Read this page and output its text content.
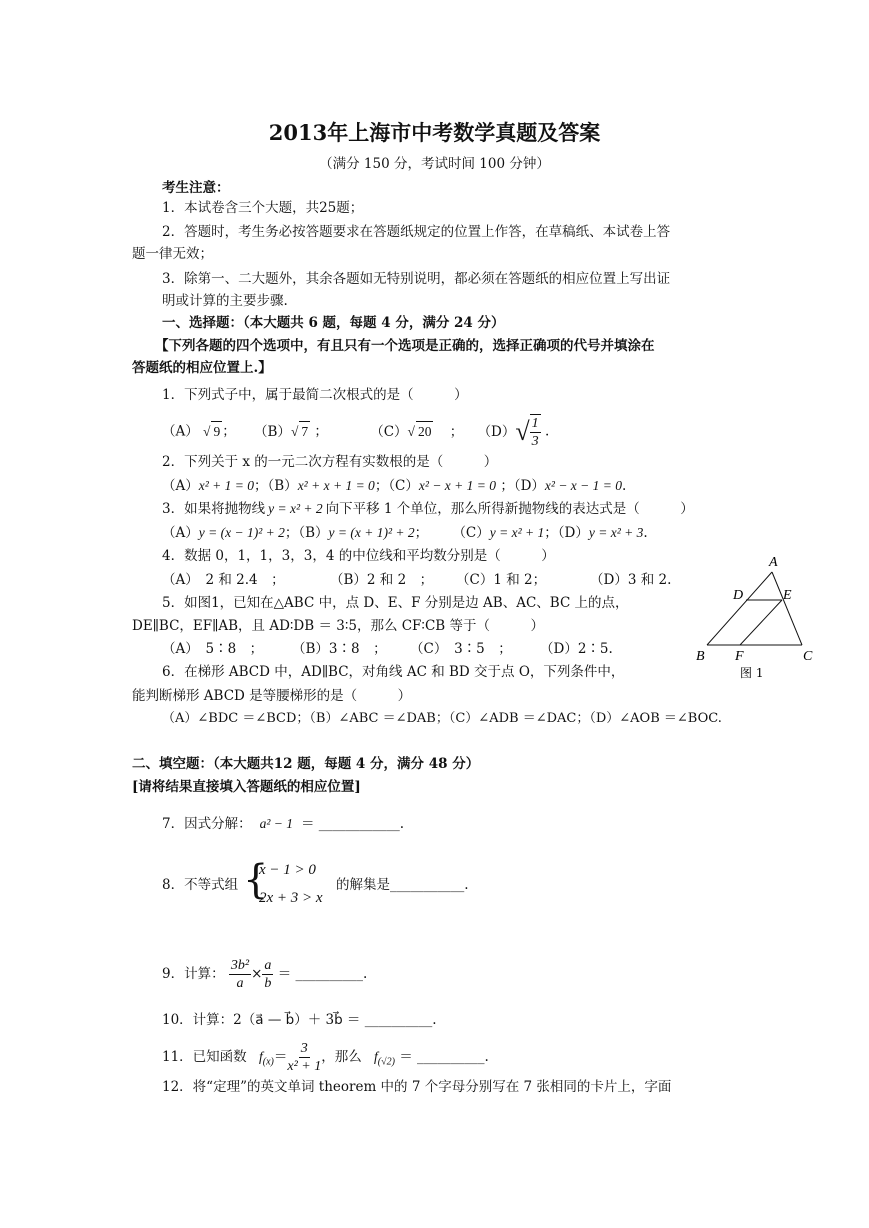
2013年上海市中考数学真题及答案
（满分 150 分，考试时间 100 分钟）
考生注意：
1．本试卷含三个大题，共25题；
2．答题时，考生务必按答题要求在答题纸规定的位置上作答，在草稿纸、本试卷上答
题一律无效；
3．除第一、二大题外，其余各题如无特别说明，都必须在答题纸的相应位置上写出证
明或计算的主要步骤.
一、选择题：（本大题共 6 题，每题 4 分，满分 24 分）
【下列各题的四个选项中，有且只有一个选项是正确的，选择正确项的代号并填涂在
答题纸的相应位置上.】
1．下列式子中，属于最简二次根式的是（　　　）
（A） √ 9 ； （B）√ 7 ；	（C）√ 20 ； $(D)√ \frac{1}{3}$ .
2．下列关于 x 的一元二次方程有实数根的是（　　　）
（A）x² + 1 = 0；（B）x² + x + 1 = 0；（C）x² − x + 1 = 0 ；（D）x² − x − 1 = 0.
3．如果将抛物线 y = x² + 2 向下平移 1 个单位，那么所得新抛物线的表达式是（　　　）
（A）y = (x − 1)² + 2；（B）y = (x + 1)² + 2； （C）y = x² + 1；（D）y = x² + 3.
4．数据 0，1，1，3，3，4 的中位线和平均数分别是（　　　）
（A）　2 和 2.4　；	（B）2 和 2　； （C）1 和 2；	（D）3 和 2.
5．如图1，已知在△ABC 中，点 D、E、F 分别是边 AB、AC、BC 上的点，
DE∥BC，EF∥AB，且 AD∶DB ＝ 3∶5，那么 CF∶CB 等于（　　　）
（A）　5∶8　； （B）3∶8　； （C）　3∶5　； （D）2∶5.
A
D	E
B F	C
图 1
6．在梯形 ABCD 中，AD∥BC，对角线 AC 和 BD 交于点 O，下列条件中，
能判断梯形 ABCD 是等腰梯形的是（　　　）
（A）∠BDC ＝∠BCD；（B）∠ABC ＝∠DAB；（C）∠ADB ＝∠DAC；（D）∠AOB ＝∠BOC.
二、填空题：（本大题共12 题，每题 4 分，满分 48 分）
[请将结果直接填入答题纸的相应位置]
7．因式分解： a² − 1 ＝ ____________.
8．不等式组 {
x − 1 > 0
2x + 3 > x
的解集是___________.
9．计算： $\frac{\text{3b²}}{a} \times \frac{a}{b}$ ＝ __________.
10．计算：2（a⃗ — b⃗）＋ 3b⃗ ＝ __________.
11．已知函数 $f_{(x)}= \frac{3}{\text{x² + 1}}$ ，那么 $f_{(√2)}$ ＝ __________.
12．将“定理”的英文单词 theorem 中的 7 个字母分别写在 7 张相同的卡片上，字面
